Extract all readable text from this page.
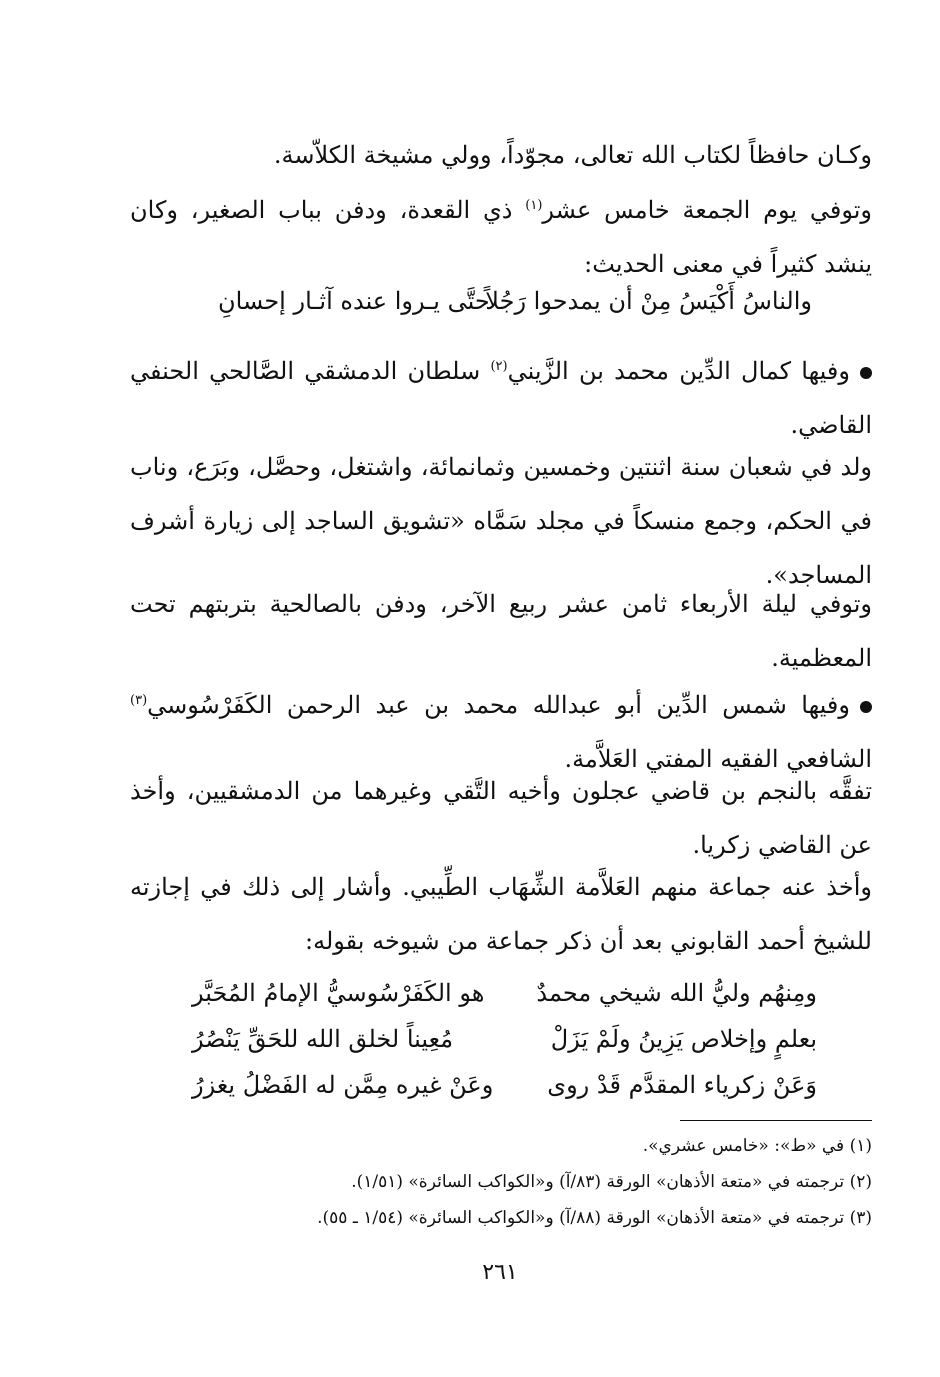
وكـان حافظاً لكتاب الله تعالى، مجوّداً، وولي مشيخة الكلاّسة.

وتوفي يوم الجمعة خامس عشر$^{(١)}$ ذي القعدة، ودفن بباب الصغير، وكان ينشد كثيراً في معنى الحديث:

والناسُ أَكْيَسُ مِنْ أن يمدحوا رَجُلاً
حتَّى يـروا عنده آثـار إحسانِ

وفيها كمال الدِّين محمد بن الزَّيني$^{(٢)}$ سلطان الدمشقي الصَّالحي الحنفي القاضي.

ولد في شعبان سنة اثنتين وخمسين وثمانمائة، واشتغل، وحصَّل، وبَرَع، وناب في الحكم، وجمع منسكاً في مجلد سَمَّاه «تشويق الساجد إلى زيارة أشرف المساجد».

وتوفي ليلة الأربعاء ثامن عشر ربيع الآخر، ودفن بالصالحية بتربتهم تحت المعظمية.

وفيها شمس الدِّين أبو عبدالله محمد بن عبد الرحمن الكَفَرْسُوسي$^{(٣)}$ الشافعي الفقيه المفتي العَلاَّمة.

تفقَّه بالنجم بن قاضي عجلون وأخيه التَّقي وغيرهما من الدمشقيين، وأخذ عن القاضي زكريا.

وأخذ عنه جماعة منهم العَلاَّمة الشِّهَاب الطِّيبي. وأشار إلى ذلك في إجازته للشيخ أحمد القابوني بعد أن ذكر جماعة من شيوخه بقوله:

ومِنهُم وليُّ الله شيخي محمدٌ
هو الكَفَرْسُوسيُّ الإمامُ المُحَبَّر
مُعِيناً لخلق الله للحَقِّ يَنْصُرُ	بعلمٍ وإخلاص يَزِينُ ولَمْ يَزَلْ
وَعَنْ زكرياء المقدَّم قَدْ روى
وعَنْ غيره مِمَّن له الفَضْلُ يغزرُ
(١) في «ط»: «خامس عشري».
(٢) ترجمته في «متعة الأذهان» الورقة (٨٣/آ) و«الكواكب السائرة» (١/٥١).
(٣) ترجمته في «متعة الأذهان» الورقة (٨٨/آ) و«الكواكب السائرة» (١/٥٤ ـ ٥٥).
٢٦١
